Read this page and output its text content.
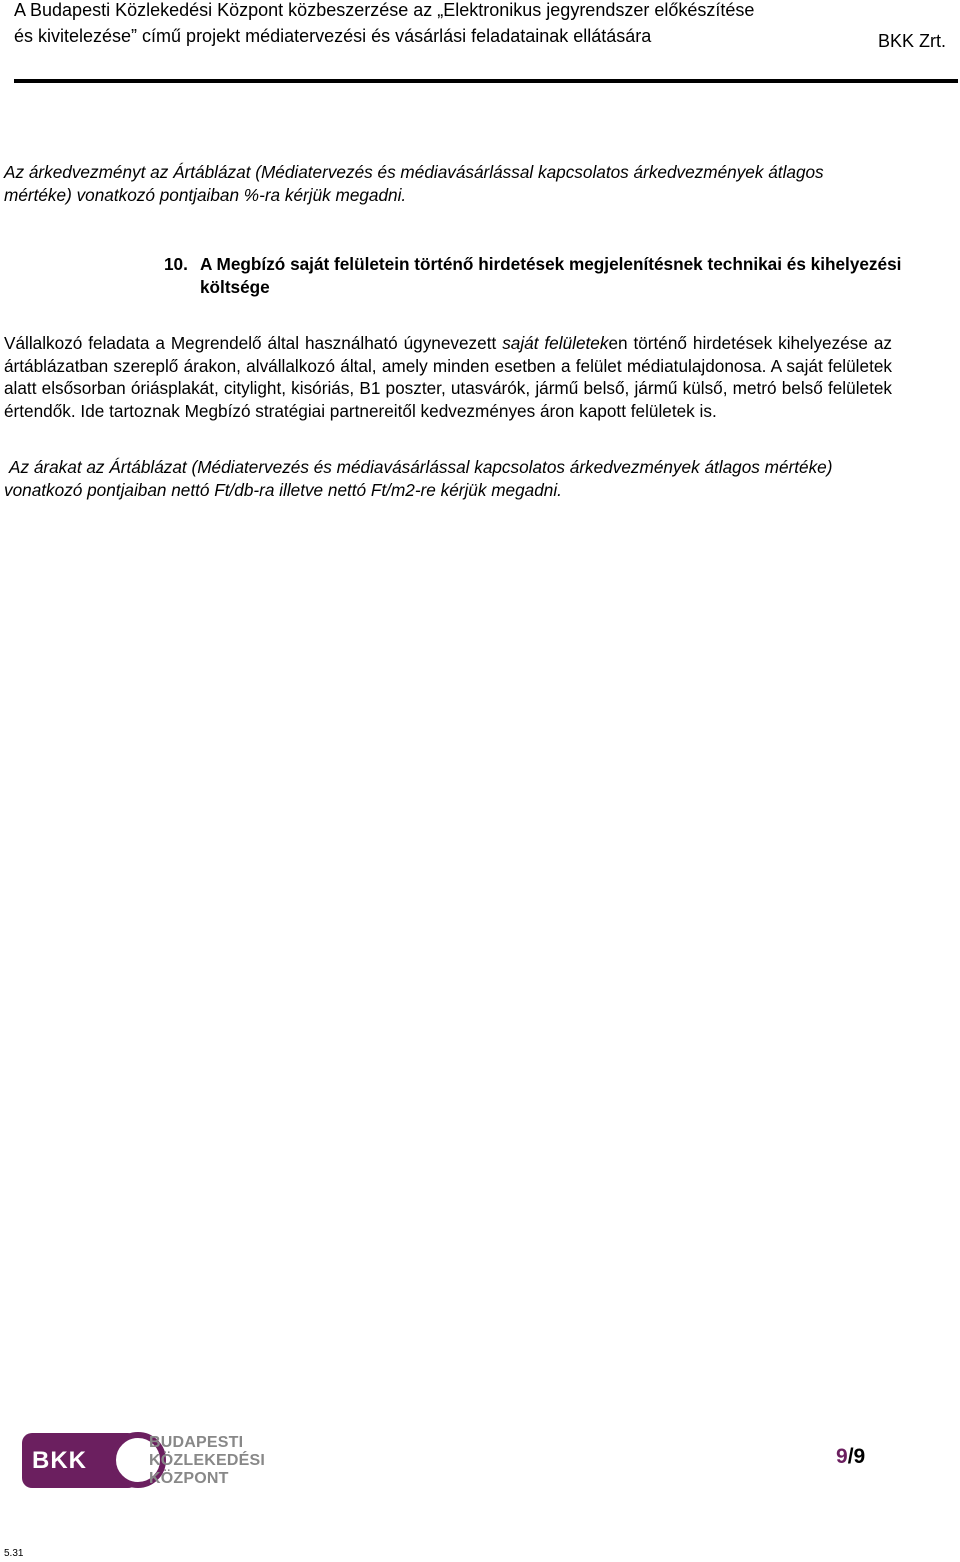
A Budapesti Közlekedési Központ közbeszerzése az „Elektronikus jegyrendszer előkészítése és kivitelezése” című projekt médiatervezési és vásárlási feladatainak ellátására	BKK Zrt.

Az árkedvezményt az Ártáblázat (Médiatervezés és médiavásárlással kapcsolatos árkedvezmények átlagos mértéke) vonatkozó pontjaiban %-ra kérjük megadni.

10. A Megbízó saját felületein történő hirdetések megjelenítésnek technikai és kihelyezési költsége

Vállalkozó feladata a Megrendelő által használható úgynevezett saját felületeken történő hirdetések kihelyezése az ártáblázatban szereplő árakon, alvállalkozó által, amely minden esetben a felület médiatulajdonosa. A saját felületek alatt elsősorban óriásplakát, citylight, kisóriás, B1 poszter, utasvárók, jármű belső, jármű külső, metró belső felületek értendők. Ide tartoznak Megbízó stratégiai partnereitől kedvezményes áron kapott felületek is.

Az árakat az Ártáblázat (Médiatervezés és médiavásárlással kapcsolatos árkedvezmények átlagos mértéke) vonatkozó pontjaiban nettó Ft/db-ra illetve nettó Ft/m2-re kérjük megadni.

BKK
BUDAPESTI
KÖZLEKEDÉSI
KÖZPONT
9/9
5.31
